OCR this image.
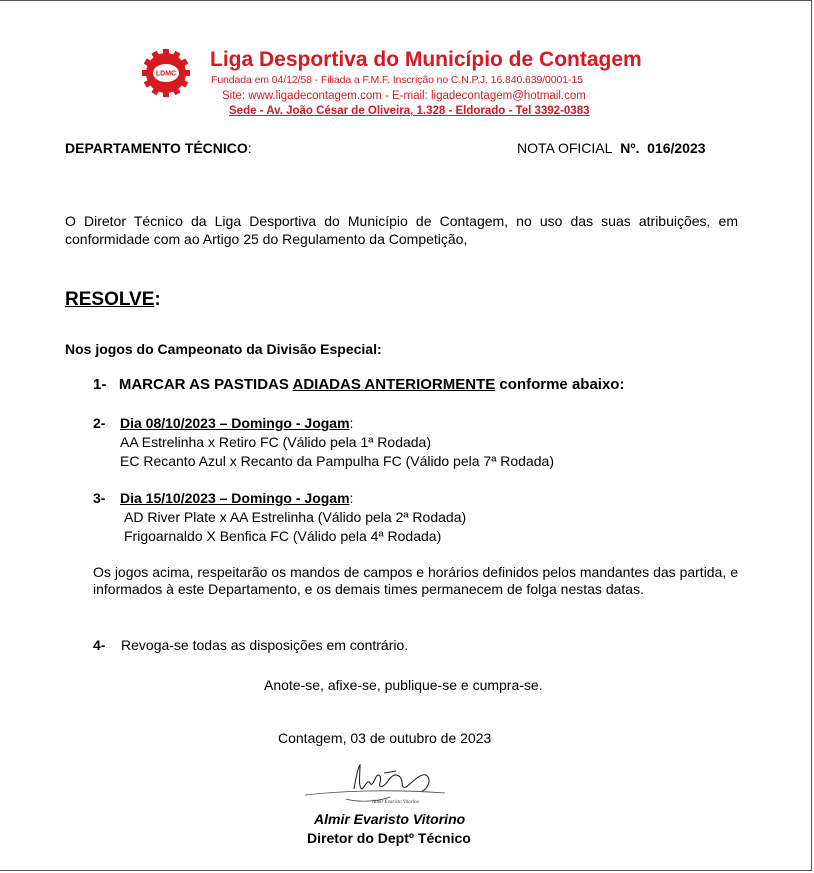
LDMC
Liga Desportiva do Município de Contagem
Fundada em 04/12/58 - Filiada a F.M.F. Inscrição no C.N.P.J. 16.840.639/0001-15
Site: www.ligadecontagem.com - E-mail: ligadecontagem@hotmail.com
Sede - Av. João César de Oliveira, 1.328 - Eldorado - Tel 3392-0383
DEPARTAMENTO TÉCNICO:	NOTA OFICIAL Nº. 016/2023
O Diretor Técnico da Liga Desportiva do Município de Contagem, no uso das suas atribuições, em conformidade com ao Artigo 25 do Regulamento da Competição,
RESOLVE:
Nos jogos do Campeonato da Divisão Especial:
1- MARCAR AS PASTIDAS ADIADAS ANTERIORMENTE conforme abaixo:
2- Dia 08/10/2023 – Domingo - Jogam:
AA Estrelinha x Retiro FC (Válido pela 1ª Rodada)
EC Recanto Azul x Recanto da Pampulha FC (Válido pela 7ª Rodada)
3- Dia 15/10/2023 – Domingo - Jogam:
AD River Plate x AA Estrelinha (Válido pela 2ª Rodada)
Frigoarnaldo X Benfica FC (Válido pela 4ª Rodada)
Os jogos acima, respeitarão os mandos de campos e horários definidos pelos mandantes das partida, e informados à este Departamento, e os demais times permanecem de folga nestas datas.
4- Revoga-se todas as disposições em contrário.
Anote-se, afixe-se, publique-se e cumpra-se.
Contagem, 03 de outubro de 2023
Almir Evaristo Vitorino
Almir Evaristo Vitorino
Diretor do Deptº Técnico
